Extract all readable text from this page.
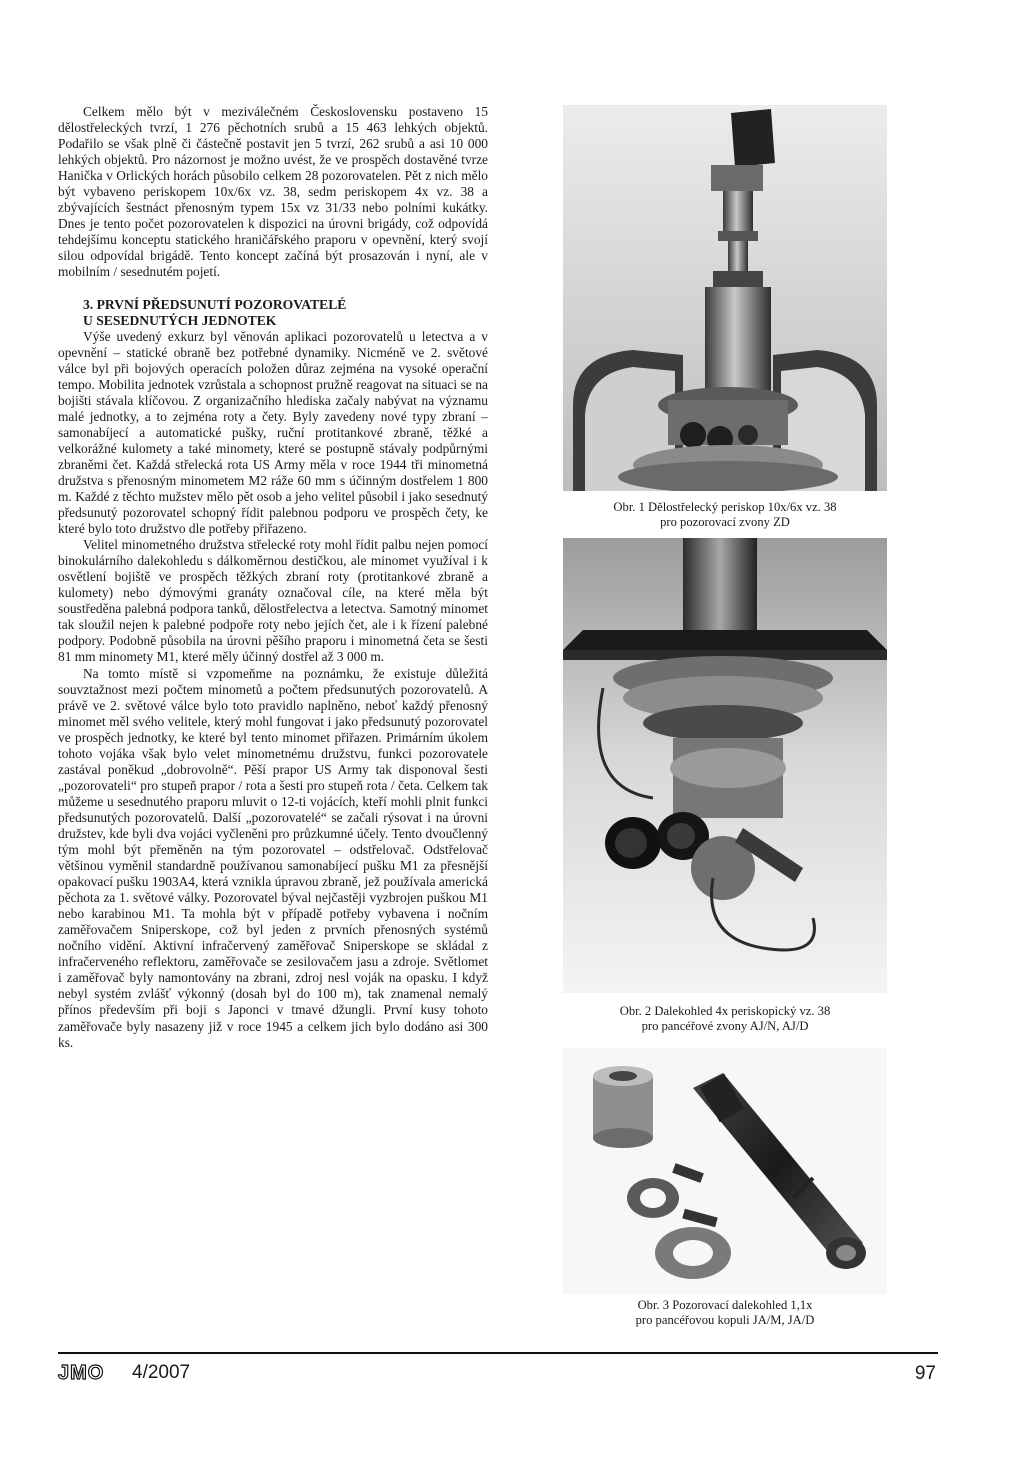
Celkem mělo být v meziválečném Československu postaveno 15 dělostřeleckých tvrzí, 1 276 pěchotních srubů a 15 463 lehkých objektů. Podařilo se však plně či částečně postavit jen 5 tvrzí, 262 srubů a asi 10 000 lehkých objektů. Pro názornost je možno uvést, že ve prospěch dostavěné tvrze Hanička v Orlických horách působilo celkem 28 pozorovatelen. Pět z nich mělo být vybaveno periskopem 10x/6x vz. 38, sedm periskopem 4x vz. 38 a zbývajících šestnáct přenosným typem 15x vz 31/33 nebo polními kukátky. Dnes je tento počet pozorovatelen k dispozici na úrovni brigády, což odpovídá tehdejšímu konceptu statického hraničářského praporu v opevnění, který svojí silou odpovídal brigádě. Tento koncept začíná být prosazován i nyní, ale v mobilním / sesednutém pojetí.

3. PRVNÍ PŘEDSUNUTÍ POZOROVATELÉ

U SESEDNUTÝCH JEDNOTEK

Výše uvedený exkurz byl věnován aplikaci pozorovatelů u letectva a v opevnění – statické obraně bez potřebné dynamiky. Nicméně ve 2. světové válce byl při bojových operacích položen důraz zejména na vysoké operační tempo. Mobilita jednotek vzrůstala a schopnost pružně reagovat na situaci se na bojišti stávala klíčovou. Z organizačního hlediska začaly nabývat na významu malé jednotky, a to zejména roty a čety. Byly zavedeny nové typy zbraní – samonabíjecí a automatické pušky, ruční protitankové zbraně, těžké a velkorážné kulomety a také minomety, které se postupně stávaly podpůrnými zbraněmi čet. Každá střelecká rota US Army měla v roce 1944 tři minometná družstva s přenosným minometem M2 ráže 60 mm s účinným dostřelem 1 800 m. Každé z těchto mužstev mělo pět osob a jeho velitel působil i jako sesednutý předsunutý pozorovatel schopný řídit palebnou podporu ve prospěch čety, ke které bylo toto družstvo dle potřeby přiřazeno.

Velitel minometného družstva střelecké roty mohl řídit palbu nejen pomocí binokulárního dalekohledu s dálkoměrnou destičkou, ale minomet využíval i k osvětlení bojiště ve prospěch těžkých zbraní roty (protitankové zbraně a kulomety) nebo dýmovými granáty označoval cíle, na které měla být soustředěna palebná podpora tanků, dělostřelectva a letectva. Samotný minomet tak sloužil nejen k palebné podpoře roty nebo jejích čet, ale i k řízení palebné podpory. Podobně působila na úrovni pěšího praporu i minometná četa se šesti 81 mm minomety M1, které měly účinný dostřel až 3 000 m.

Na tomto místě si vzpomeňme na poznámku, že existuje důležitá souvztažnost mezi počtem minometů a počtem předsunutých pozorovatelů. A právě ve 2. světové válce bylo toto pravidlo naplněno, neboť každý přenosný minomet měl svého velitele, který mohl fungovat i jako předsunutý pozorovatel ve prospěch jednotky, ke které byl tento minomet přiřazen. Primárním úkolem tohoto vojáka však bylo velet minometnému družstvu, funkci pozorovatele zastával poněkud „dobrovolně“. Pěší prapor US Army tak disponoval šesti „pozorovateli“ pro stupeň prapor / rota a šesti pro stupeň rota / četa. Celkem tak můžeme u sesednutého praporu mluvit o 12-ti vojácích, kteří mohli plnit funkci předsunutých pozorovatelů. Další „pozorovatelé“ se začali rýsovat i na úrovni družstev, kde byli dva vojáci vyčleněni pro průzkumné účely. Tento dvoučlenný tým mohl být přeměněn na tým pozorovatel – odstřelovač. Odstřelovač většinou vyměnil standardně používanou samonabíjecí pušku M1 za přesnější opakovací pušku 1903A4, která vznikla úpravou zbraně, jež používala americká pěchota za 1. světové války. Pozorovatel býval nejčastěji vyzbrojen puškou M1 nebo karabinou M1. Ta mohla být v případě potřeby vybavena i nočním zaměřovačem Sniperskope, což byl jeden z prvních přenosných systémů nočního vidění. Aktivní infračervený zaměřovač Sniperskope se skládal z infračerveného reflektoru, zaměřovače se zesilovačem jasu a zdroje. Světlomet i zaměřovač byly namontovány na zbrani, zdroj nesl voják na opasku. I když nebyl systém zvlášť výkonný (dosah byl do 100 m), tak znamenal nemalý přínos především při boji s Japonci v tmavé džungli. První kusy tohoto zaměřovače byly nasazeny již v roce 1945 a celkem jich bylo dodáno asi 300 ks.

Obr. 1 Dělostřelecký periskop 10x/6x vz. 38
pro pozorovací zvony ZD
Obr. 2 Dalekohled 4x periskopický vz. 38
pro pancéřové zvony AJ/N, AJ/D
Obr. 3 Pozorovací dalekohled 1,1x
pro pancéřovou kopuli JA/M, JA/D
JMO 4/2007	97
